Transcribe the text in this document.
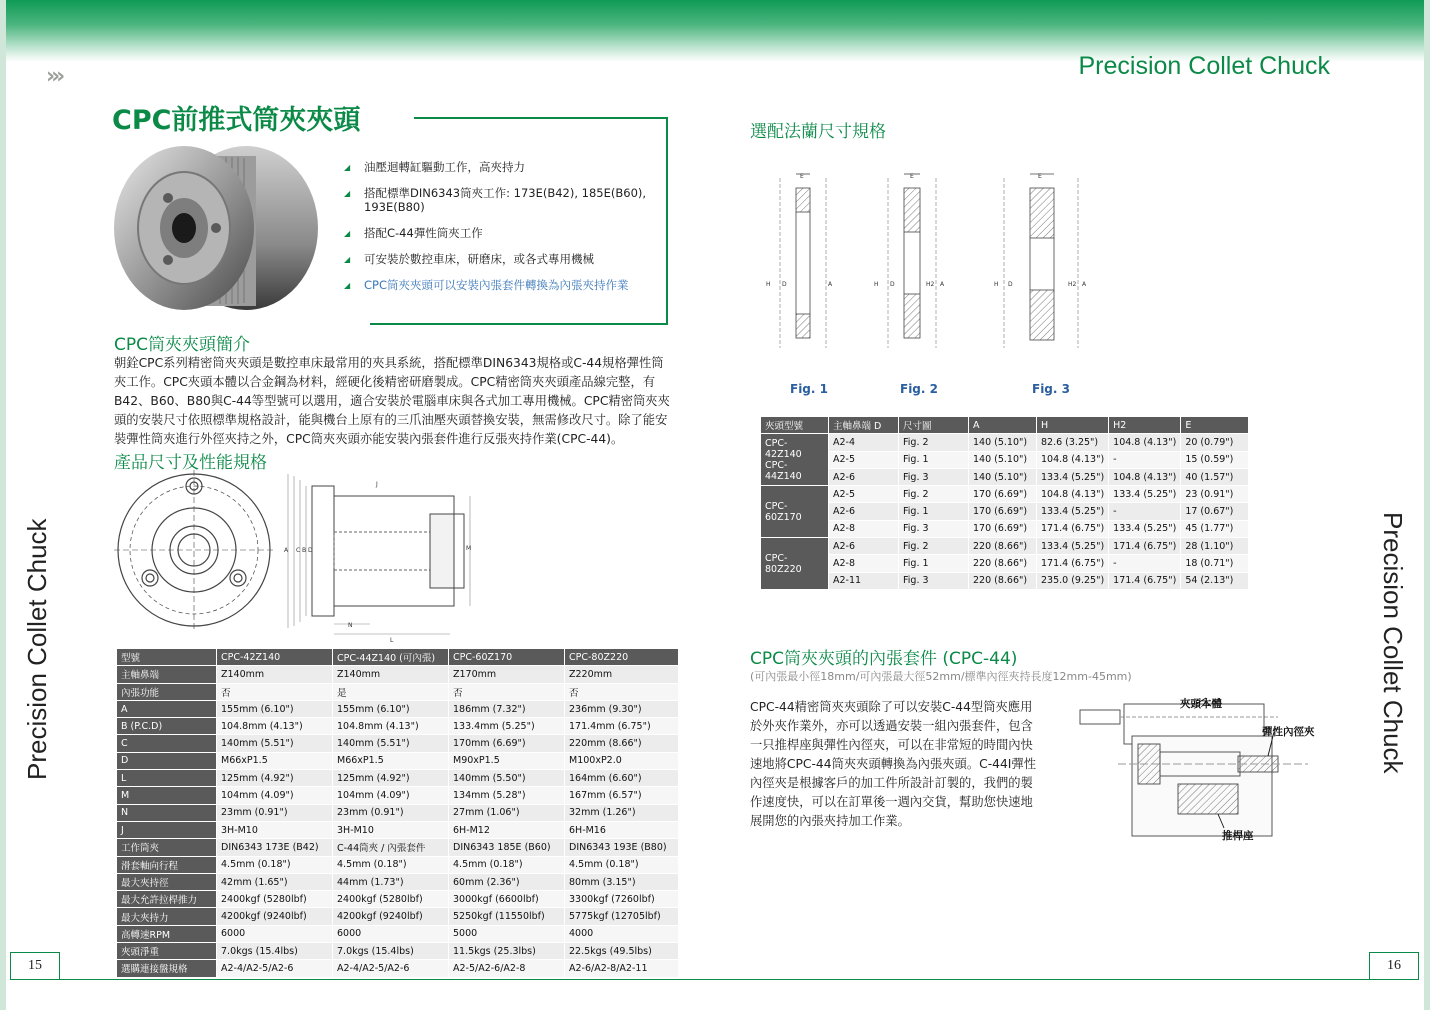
Precision Collet Chuck
›››
Precision Collet Chuck	Precision Collet Chuck
15	16
CPC前推式筒夾夾頭
◢ 油壓迴轉缸驅動工作，高夾持力
◢ 搭配標準DIN6343筒夾工作: 173E(B42), 185E(B60), 193E(B80)
◢ 搭配C-44彈性筒夾工作
◢ 可安裝於數控車床，研磨床，或各式專用機械
◢ CPC筒夾夾頭可以安裝內張套件轉換為內張夾持作業
CPC筒夾夾頭簡介
朝銓CPC系列精密筒夾夾頭是數控車床最常用的夾具系統，搭配標準DIN6343規格或C-44規格彈性筒夾工作。CPC夾頭本體以合金鋼為材料，經硬化後精密研磨製成。CPC精密筒夾夾頭產品線完整，有B42、B60、B80與C-44等型號可以選用，適合安裝於電腦車床與各式加工專用機械。CPC精密筒夾夾頭的安裝尺寸依照標準規格設計，能與機台上原有的三爪油壓夾頭替換安裝，無需修改尺寸。除了能安裝彈性筒夾進行外徑夾持之外，CPC筒夾夾頭亦能安裝內張套件進行反張夾持作業(CPC-44)。
產品尺寸及性能規格
A C B D	M
N
L
J
型號	CPC-42Z140	CPC-44Z140 (可內張)	CPC-60Z170	CPC-80Z220
主軸鼻端	Z140mm	Z140mm	Z170mm	Z220mm
內張功能	否	是	否	否
A	155mm (6.10")	155mm (6.10")	186mm (7.32")	236mm (9.30")
B (P.C.D)	104.8mm (4.13")	104.8mm (4.13")	133.4mm (5.25")	171.4mm (6.75")
C	140mm (5.51")	140mm (5.51")	170mm (6.69")	220mm (8.66")
D	M66xP1.5	M66xP1.5	M90xP1.5	M100xP2.0
L	125mm (4.92")	125mm (4.92")	140mm (5.50")	164mm (6.60")
M	104mm (4.09")	104mm (4.09")	134mm (5.28")	167mm (6.57")
N	23mm (0.91")	23mm (0.91")	27mm (1.06")	32mm (1.26")
J	3H-M10	3H-M10	6H-M12	6H-M16
工作筒夾	DIN6343 173E (B42)	C-44筒夾 / 內張套件	DIN6343 185E (B60)	DIN6343 193E (B80)
滑套軸向行程	4.5mm (0.18")	4.5mm (0.18")	4.5mm (0.18")	4.5mm (0.18")
最大夾持徑	42mm (1.65")	44mm (1.73")	60mm (2.36")	80mm (3.15")
最大允許拉桿推力	2400kgf (5280lbf)	2400kgf (5280lbf)	3000kgf (6600lbf)	3300kgf (7260lbf)
最大夾持力	4200kgf (9240lbf)	4200kgf (9240lbf)	5250kgf (11550lbf)	5775kgf (12705lbf)
高轉速RPM	6000	6000	5000	4000
夾頭淨重	7.0kgs (15.4lbs)	7.0kgs (15.4lbs)	11.5kgs (25.3lbs)	22.5kgs (49.5lbs)
選購連接盤規格	A2-4/A2-5/A2-6	A2-4/A2-5/A2-6	A2-5/A2-6/A2-8	A2-6/A2-8/A2-11
選配法蘭尺寸規格
E
H D	A
E
H D	H2 A
E
H D	H2 A
Fig. 1	Fig. 2	Fig. 3
夾頭型號	主軸鼻端 D	尺寸圖	A	H	H2	E
CPC-42Z140
CPC-44Z140	A2-4	Fig. 2	140 (5.10")	82.6 (3.25")	104.8 (4.13")	20 (0.79")
	A2-5	Fig. 1	140 (5.10")	104.8 (4.13")	-	15 (0.59")
	A2-6	Fig. 3	140 (5.10")	133.4 (5.25")	104.8 (4.13")	40 (1.57")
CPC-60Z170	A2-5	Fig. 2	170 (6.69")	104.8 (4.13")	133.4 (5.25")	23 (0.91")
	A2-6	Fig. 1	170 (6.69")	133.4 (5.25")	-	17 (0.67")
	A2-8	Fig. 3	170 (6.69")	171.4 (6.75")	133.4 (5.25")	45 (1.77")
CPC-80Z220	A2-6	Fig. 2	220 (8.66")	133.4 (5.25")	171.4 (6.75")	28 (1.10")
	A2-8	Fig. 1	220 (8.66")	171.4 (6.75")	-	18 (0.71")
	A2-11	Fig. 3	220 (8.66")	235.0 (9.25")	171.4 (6.75")	54 (2.13")
CPC筒夾夾頭的內張套件 (CPC-44)
(可內張最小徑18mm/可內張最大徑52mm/標準內徑夾持長度12mm-45mm)
CPC-44精密筒夾夾頭除了可以安裝C-44型筒夾應用於外夾作業外，亦可以透過安裝一組內張套件，包含一只推桿座與彈性內徑夾，可以在非常短的時間內快速地將CPC-44筒夾夾頭轉換為內張夾頭。C-44I彈性內徑夾是根據客戶的加工件所設計訂製的，我們的製作速度快，可以在訂單後一週內交貨，幫助您快速地展開您的內張夾持加工作業。
夾頭本體
彈性內徑夾
推桿座
